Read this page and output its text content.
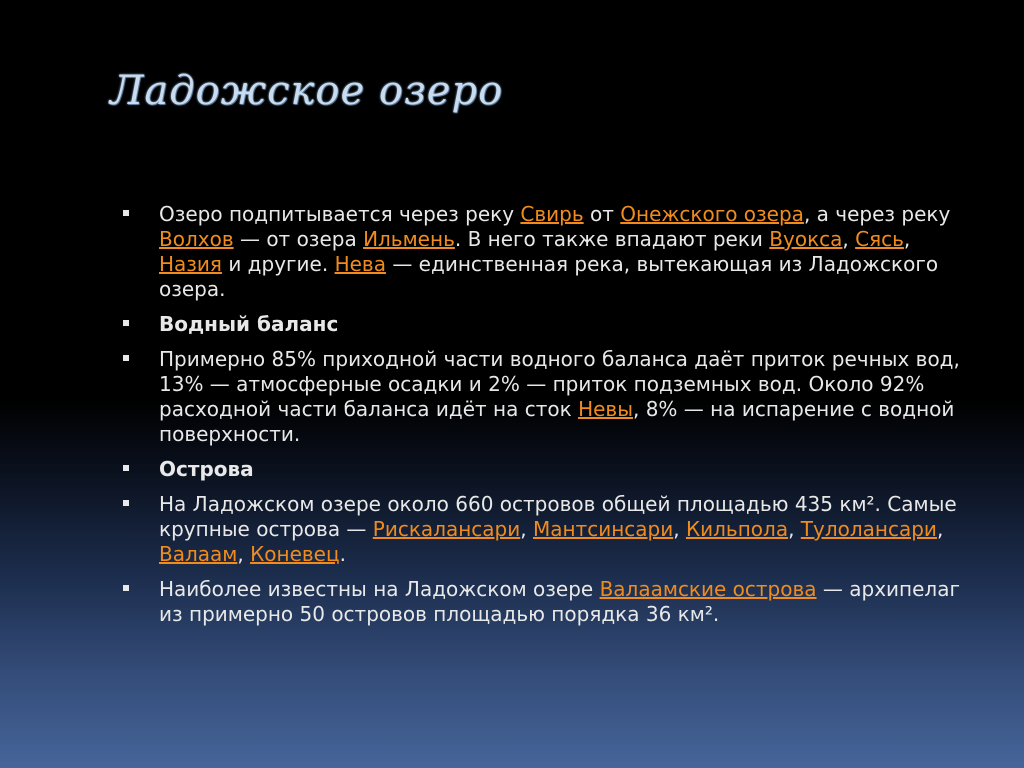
Ладожское озеро
Озеро подпитывается через реку Свирь от Онежского озера, а через реку Волхов — от озера Ильмень. В него также впадают реки Вуокса, Сясь, Назия и другие. Нева — единственная река, вытекающая из Ладожского озера.
Водный баланс
Примерно 85% приходной части водного баланса даёт приток речных вод, 13% — атмосферные осадки и 2% — приток подземных вод. Около 92% расходной части баланса идёт на сток Невы, 8% — на испарение с водной поверхности.
Острова
На Ладожском озере около 660 островов общей площадью 435 км². Самые крупные острова — Рискалансари, Мантсинсари, Кильпола, Тулолансари, Валаам, Коневец.
Наиболее известны на Ладожском озере Валаамские острова — архипелаг из примерно 50 островов площадью порядка 36 км².
